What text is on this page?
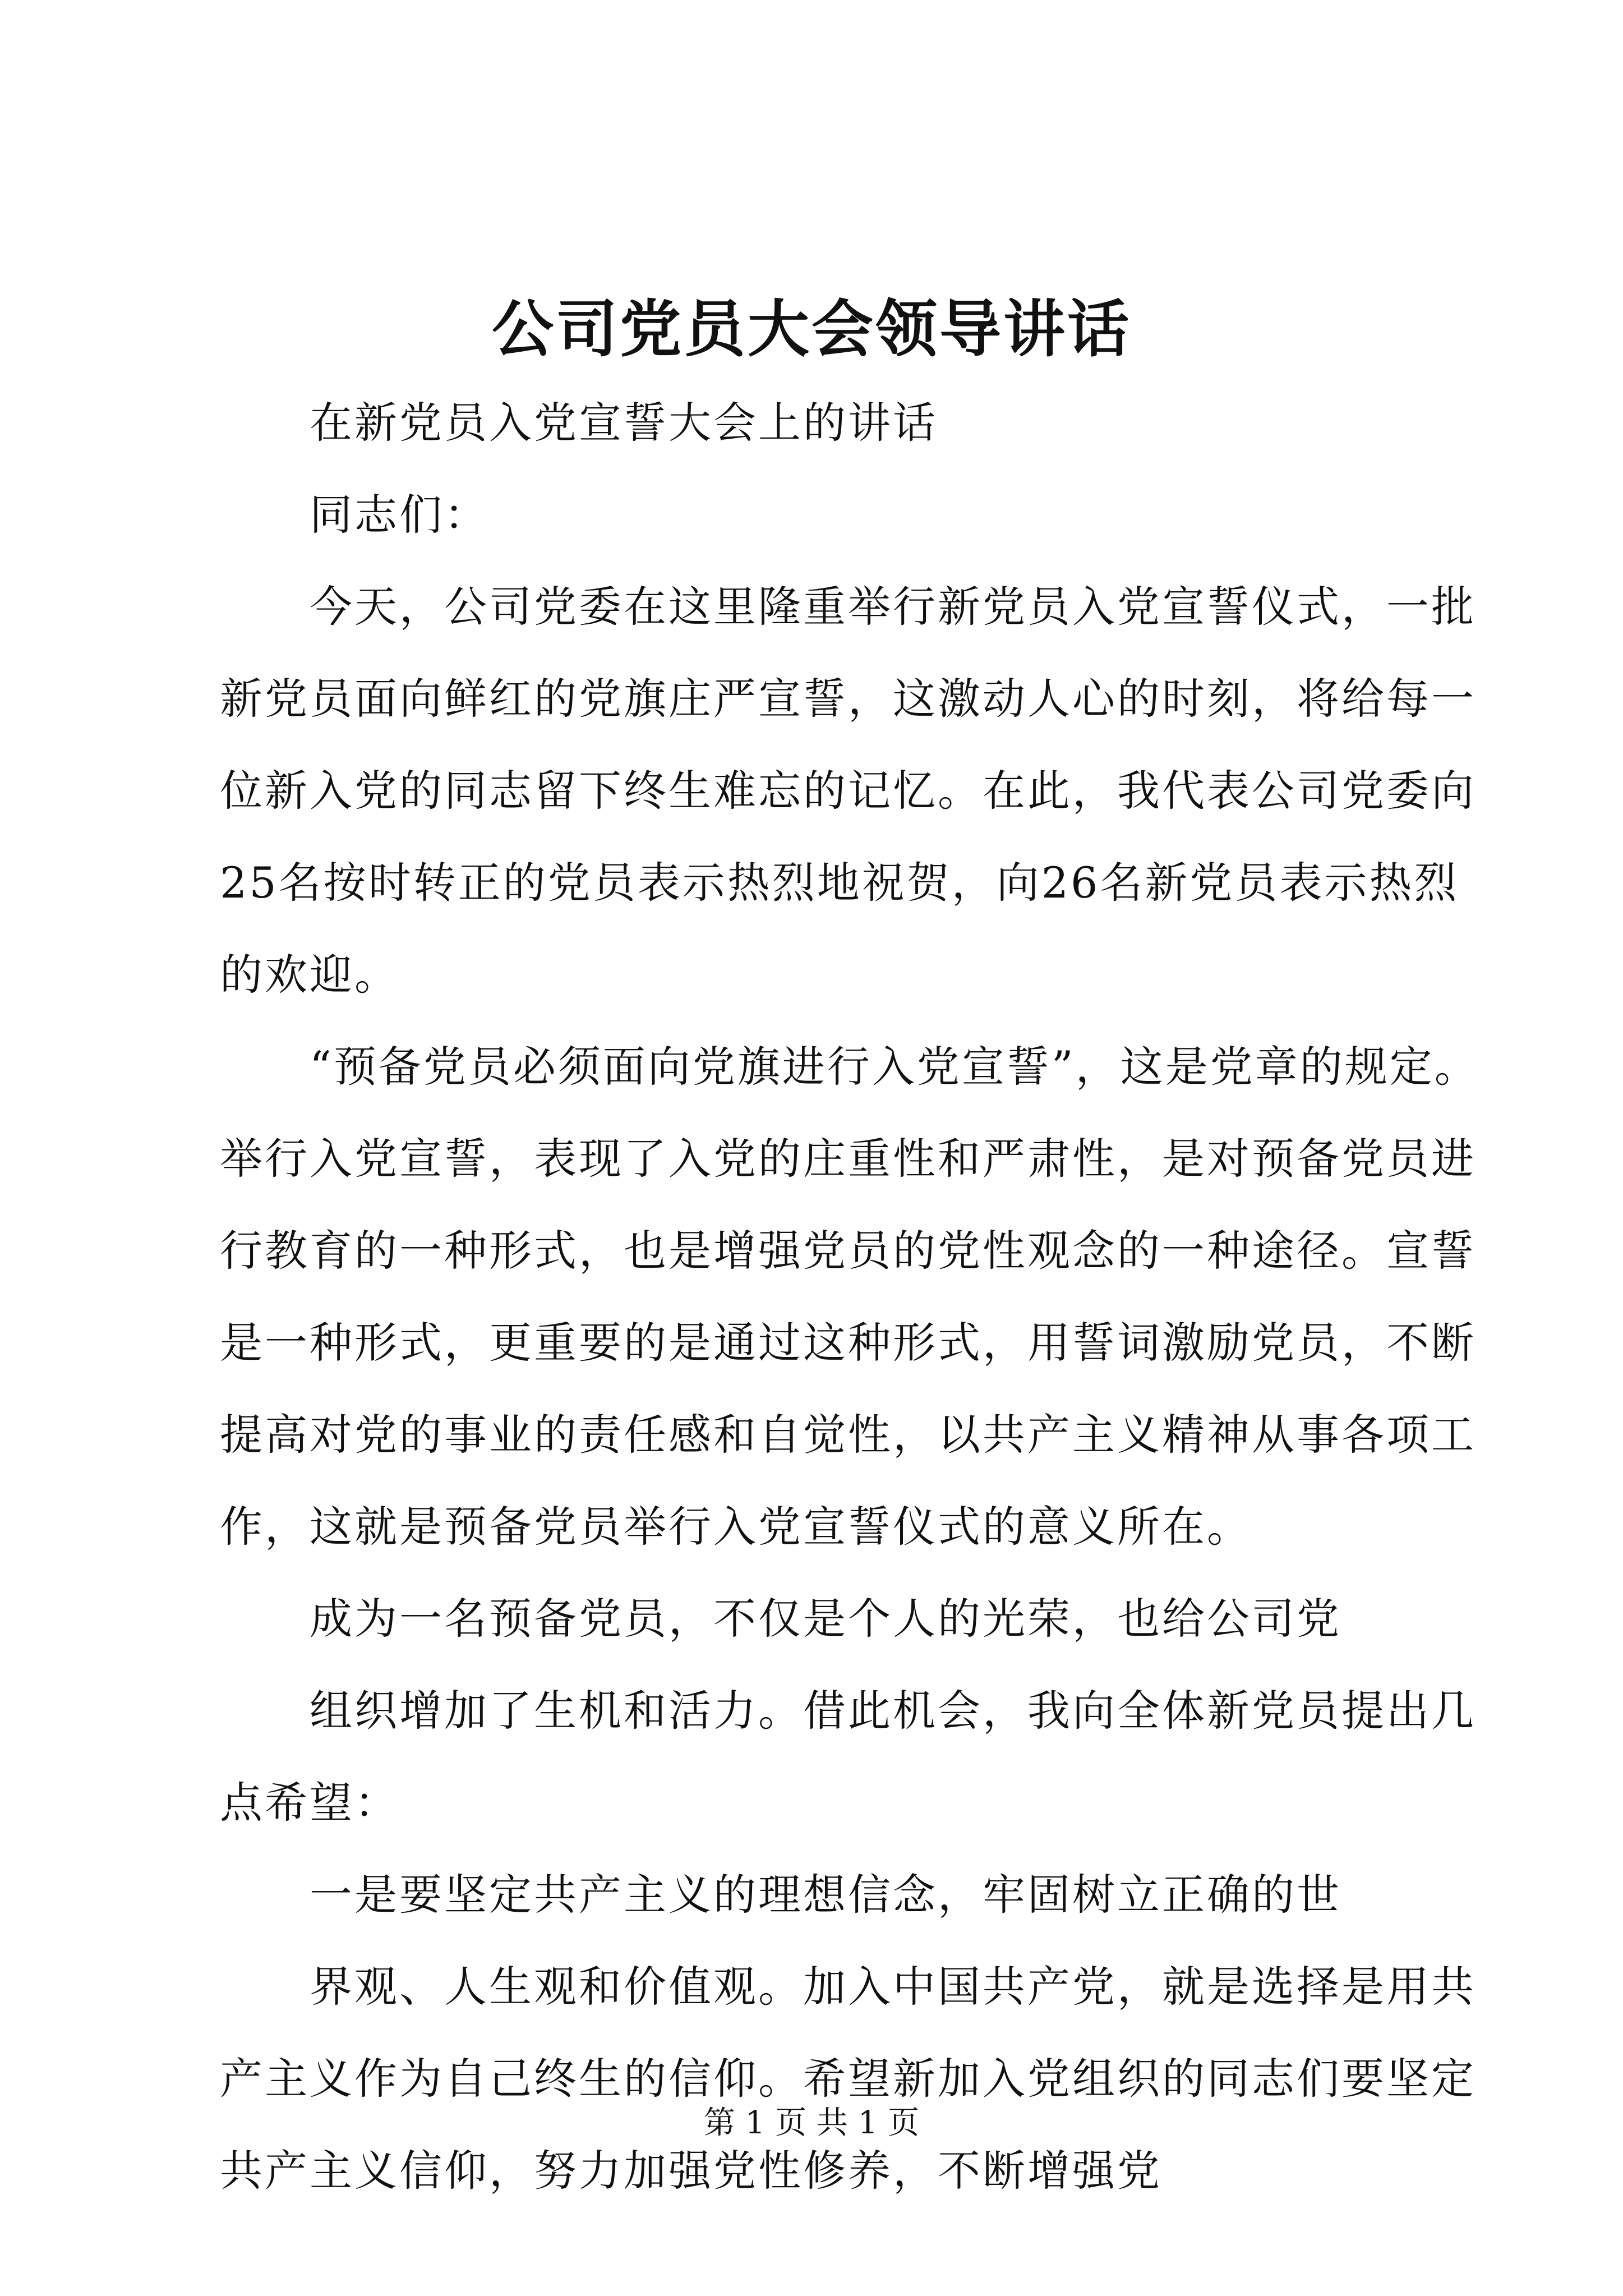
公司党员大会领导讲话
在新党员入党宣誓大会上的讲话
同志们：
今天，公司党委在这里隆重举行新党员入党宣誓仪式，一批
新党员面向鲜红的党旗庄严宣誓，这激动人心的时刻，将给每一
位新入党的同志留下终生难忘的记忆。在此，我代表公司党委向
25名按时转正的党员表示热烈地祝贺，向26名新党员表示热烈
的欢迎。
“预备党员必须面向党旗进行入党宣誓”，这是党章的规定。
举行入党宣誓，表现了入党的庄重性和严肃性，是对预备党员进
行教育的一种形式，也是增强党员的党性观念的一种途径。宣誓
是一种形式，更重要的是通过这种形式，用誓词激励党员，不断
提高对党的事业的责任感和自觉性，以共产主义精神从事各项工
作，这就是预备党员举行入党宣誓仪式的意义所在。
成为一名预备党员，不仅是个人的光荣，也给公司党
组织增加了生机和活力。借此机会，我向全体新党员提出几
点希望：
一是要坚定共产主义的理想信念，牢固树立正确的世
界观、人生观和价值观。加入中国共产党，就是选择是用共
产主义作为自己终生的信仰。希望新加入党组织的同志们要坚定
共产主义信仰，努力加强党性修养，不断增强党
第 1 页 共 1 页
